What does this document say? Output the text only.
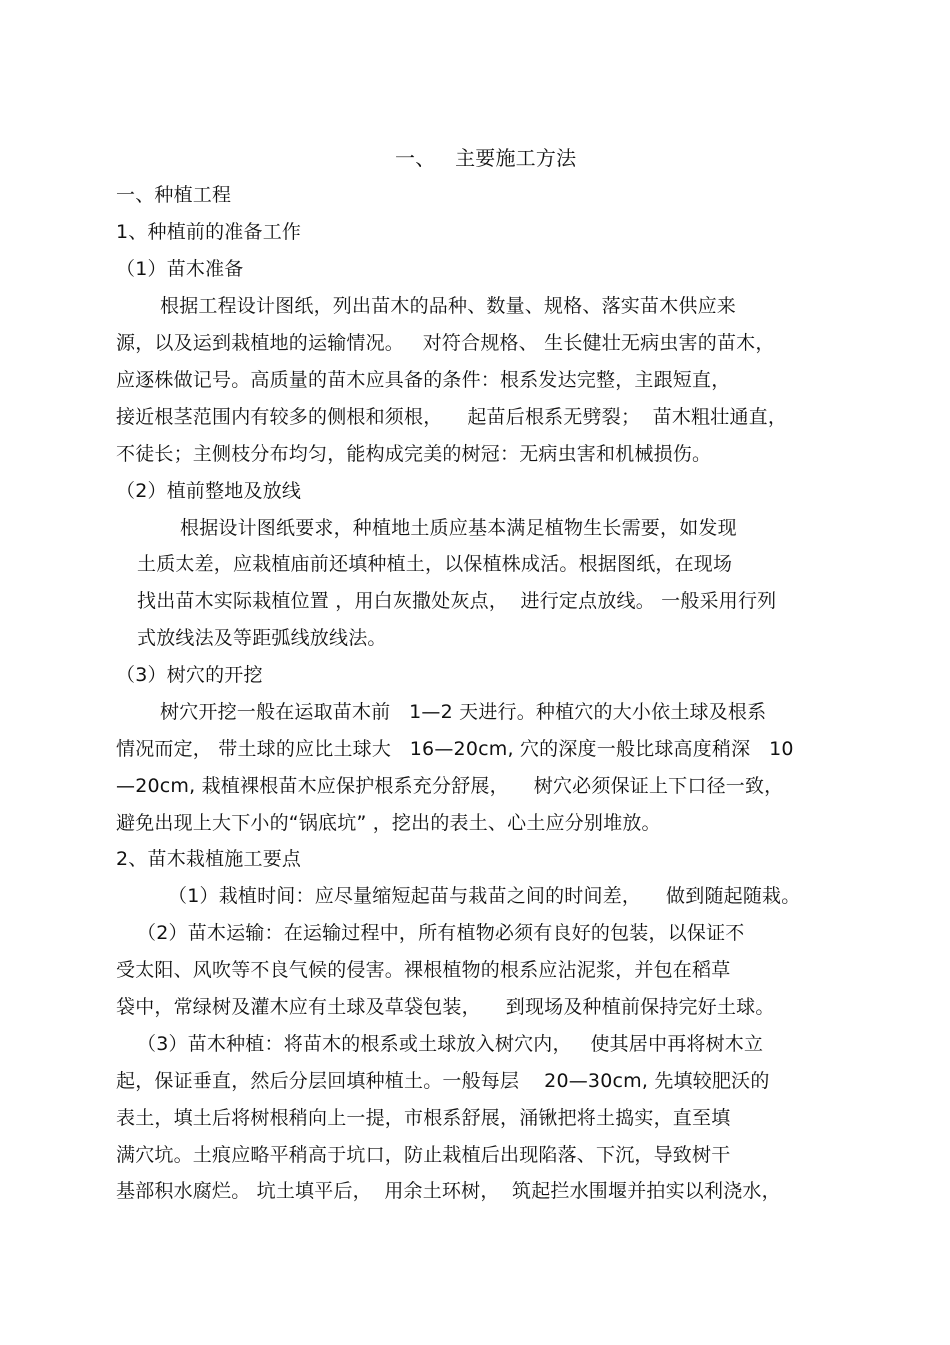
一、   主要施工方法
一、种植工程
1、种植前的准备工作
（1）苗木准备
根据工程设计图纸，列出苗木的品种、数量、规格、落实苗木供应来
源，以及运到栽植地的运输情况。   对符合规格、 生长健壮无病虫害的苗木，
应逐株做记号。高质量的苗木应具备的条件：根系发达完整，主跟短直，
接近根茎范围内有较多的侧根和须根，    起苗后根系无劈裂；  苗木粗壮通直，
不徒长；主侧枝分布均匀，能构成完美的树冠：无病虫害和机械损伤。
（2）植前整地及放线
根据设计图纸要求，种植地土质应基本满足植物生长需要，如发现
土质太差，应栽植庙前还填种植土，以保植株成活。根据图纸，在现场
找出苗木实际栽植位置 ，用白灰撒处灰点，  进行定点放线。 一般采用行列
式放线法及等距弧线放线法。
（3）树穴的开挖
树穴开挖一般在运取苗木前   1—2 天进行。种植穴的大小依土球及根系
情况而定， 带土球的应比土球大   16—20cm, 穴的深度一般比球高度稍深   10
—20cm, 栽植裸根苗木应保护根系充分舒展，    树穴必须保证上下口径一致，
避免出现上大下小的“锅底坑” ，挖出的表土、心土应分别堆放。
2、苗木栽植施工要点
（1）栽植时间：应尽量缩短起苗与栽苗之间的时间差，    做到随起随栽。
（2）苗木运输：在运输过程中，所有植物必须有良好的包装，以保证不
受太阳、风吹等不良气候的侵害。裸根植物的根系应沾泥浆，并包在稻草
袋中，常绿树及灌木应有土球及草袋包装，    到现场及种植前保持完好土球。
（3）苗木种植：将苗木的根系或土球放入树穴内，   使其居中再将树木立
起，保证垂直，然后分层回填种植土。一般每层    20—30cm, 先填较肥沃的
表土，填土后将树根稍向上一提，市根系舒展，涌锹把将土捣实，直至填
满穴坑。土痕应略平稍高于坑口，防止栽植后出现陷落、下沉，导致树干
基部积水腐烂。 坑土填平后，  用余土环树，  筑起拦水围堰并拍实以利浇水，
